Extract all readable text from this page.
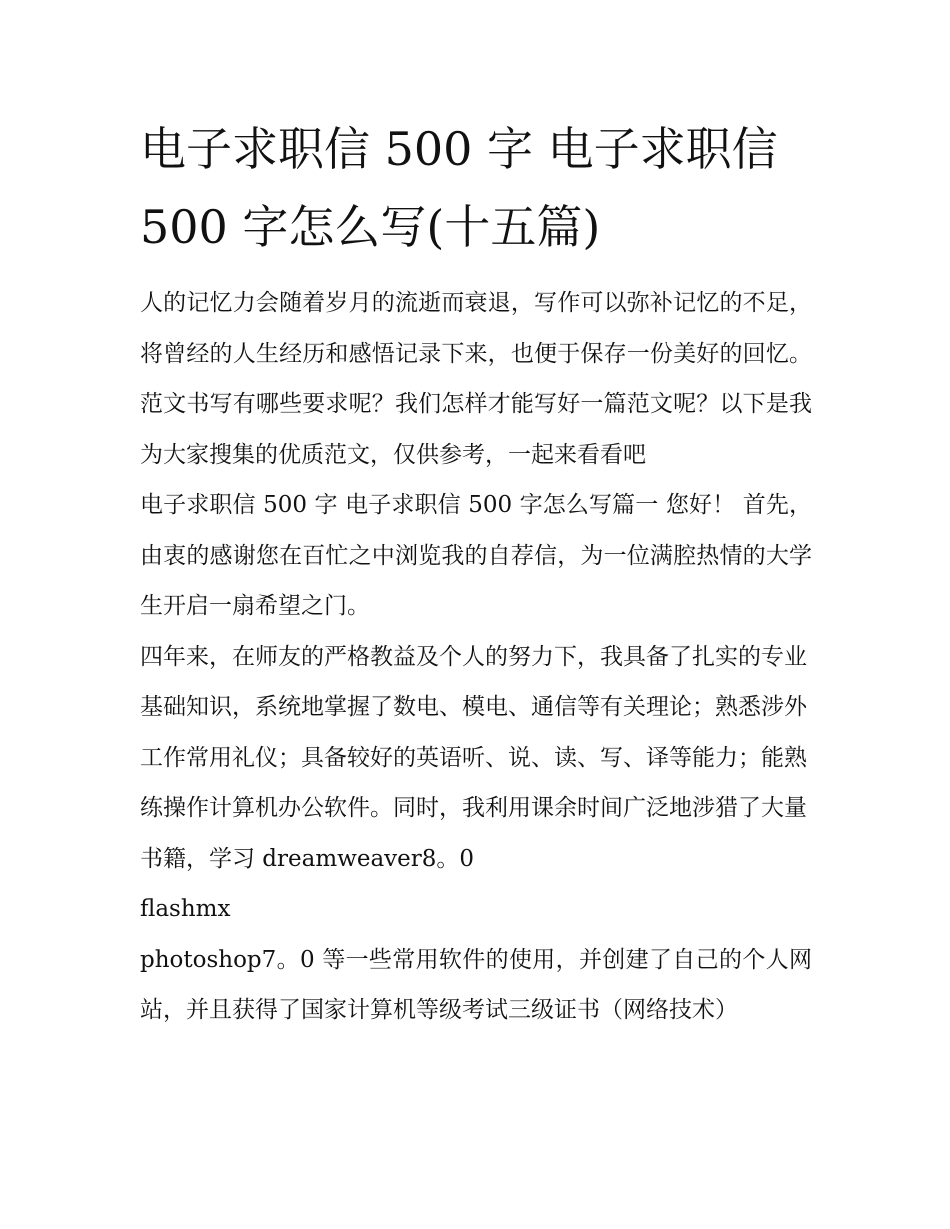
电子求职信 500 字 电子求职信 500 字怎么写(十五篇)

人的记忆力会随着岁月的流逝而衰退，写作可以弥补记忆的不足，将曾经的人生经历和感悟记录下来，也便于保存一份美好的回忆。范文书写有哪些要求呢？我们怎样才能写好一篇范文呢？以下是我为大家搜集的优质范文，仅供参考，一起来看看吧

电子求职信 500 字 电子求职信 500 字怎么写篇一 您好！ 首先，由衷的感谢您在百忙之中浏览我的自荐信，为一位满腔热情的大学生开启一扇希望之门。

四年来，在师友的严格教益及个人的努力下，我具备了扎实的专业基础知识，系统地掌握了数电、模电、通信等有关理论；熟悉涉外工作常用礼仪；具备较好的英语听、说、读、写、译等能力；能熟练操作计算机办公软件。同时，我利用课余时间广泛地涉猎了大量书籍，学习 dreamweaver8。0
flashmx

photoshop7。0 等一些常用软件的使用，并创建了自己的个人网站，并且获得了国家计算机等级考试三级证书（网络技术）
